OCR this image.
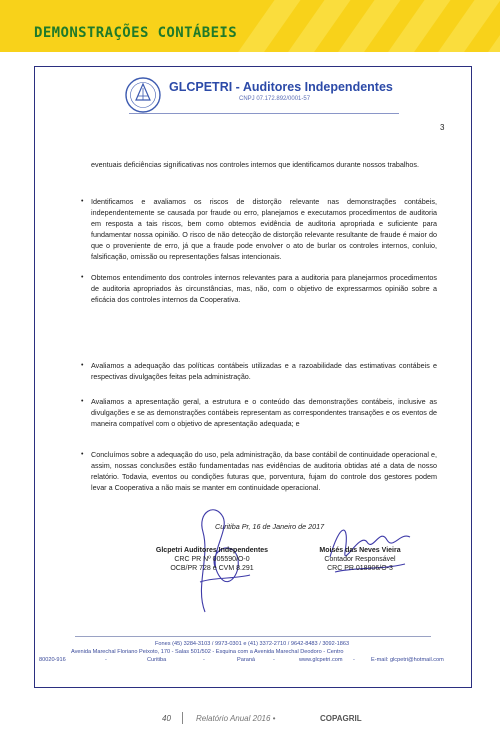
DEMONSTRAÇÕES CONTÁBEIS
GLCPETRI - Auditores Independentes
CNPJ 07.172.892/0001-57
3
eventuais deficiências significativas nos controles internos que identificamos durante nossos trabalhos.
• Identificamos e avaliamos os riscos de distorção relevante nas demonstrações contábeis, independentemente se causada por fraude ou erro, planejamos e executamos procedimentos de auditoria em resposta a tais riscos, bem como obtemos evidência de auditoria apropriada e suficiente para fundamentar nossa opinião. O risco de não detecção de distorção relevante resultante de fraude é maior do que o proveniente de erro, já que a fraude pode envolver o ato de burlar os controles internos, conluio, falsificação, omissão ou representações falsas intencionais.
• Obtemos entendimento dos controles internos relevantes para a auditoria para planejarmos procedimentos de auditoria apropriados às circunstâncias, mas, não, com o objetivo de expressarmos opinião sobre a eficácia dos controles internos da Cooperativa.
• Avaliamos a adequação das políticas contábeis utilizadas e a razoabilidade das estimativas contábeis e respectivas divulgações feitas pela administração.
• Avaliamos a apresentação geral, a estrutura e o conteúdo das demonstrações contábeis, inclusive as divulgações e se as demonstrações contábeis representam as correspondentes transações e os eventos de maneira compatível com o objetivo de apresentação adequada; e
• Concluímos sobre a adequação do uso, pela administração, da base contábil de continuidade operacional e, assim, nossas conclusões estão fundamentadas nas evidências de auditoria obtidas até a data de nosso relatório. Todavia, eventos ou condições futuras que, porventura, fujam do controle dos gestores podem levar a Cooperativa a não mais se manter em continuidade operacional.
Curitiba Pr, 16 de Janeiro de 2017
Glcpetri Auditores Independentes
CRC PR Nº 005590/O-0
OCB/PR 728 e CVM 8.291
Moisés das Neves Vieira
Contador Responsável
CRC PR 018906/O-3
Fones (45) 3284-3103 / 9973-0301 e (41) 3372-2710 / 9642-8483 / 3092-1863
Avenida Marechal Floriano Peixoto, 170 - Salas 501/502 - Esquina com a Avenida Marechal Deodoro - Centro
80020-916	-	Curitiba	-	Paraná	-	www.glcpetri.com -	E-mail: glcpetri@hotmail.com
40	Relatório Anual 2016 •	COPAGRIL
